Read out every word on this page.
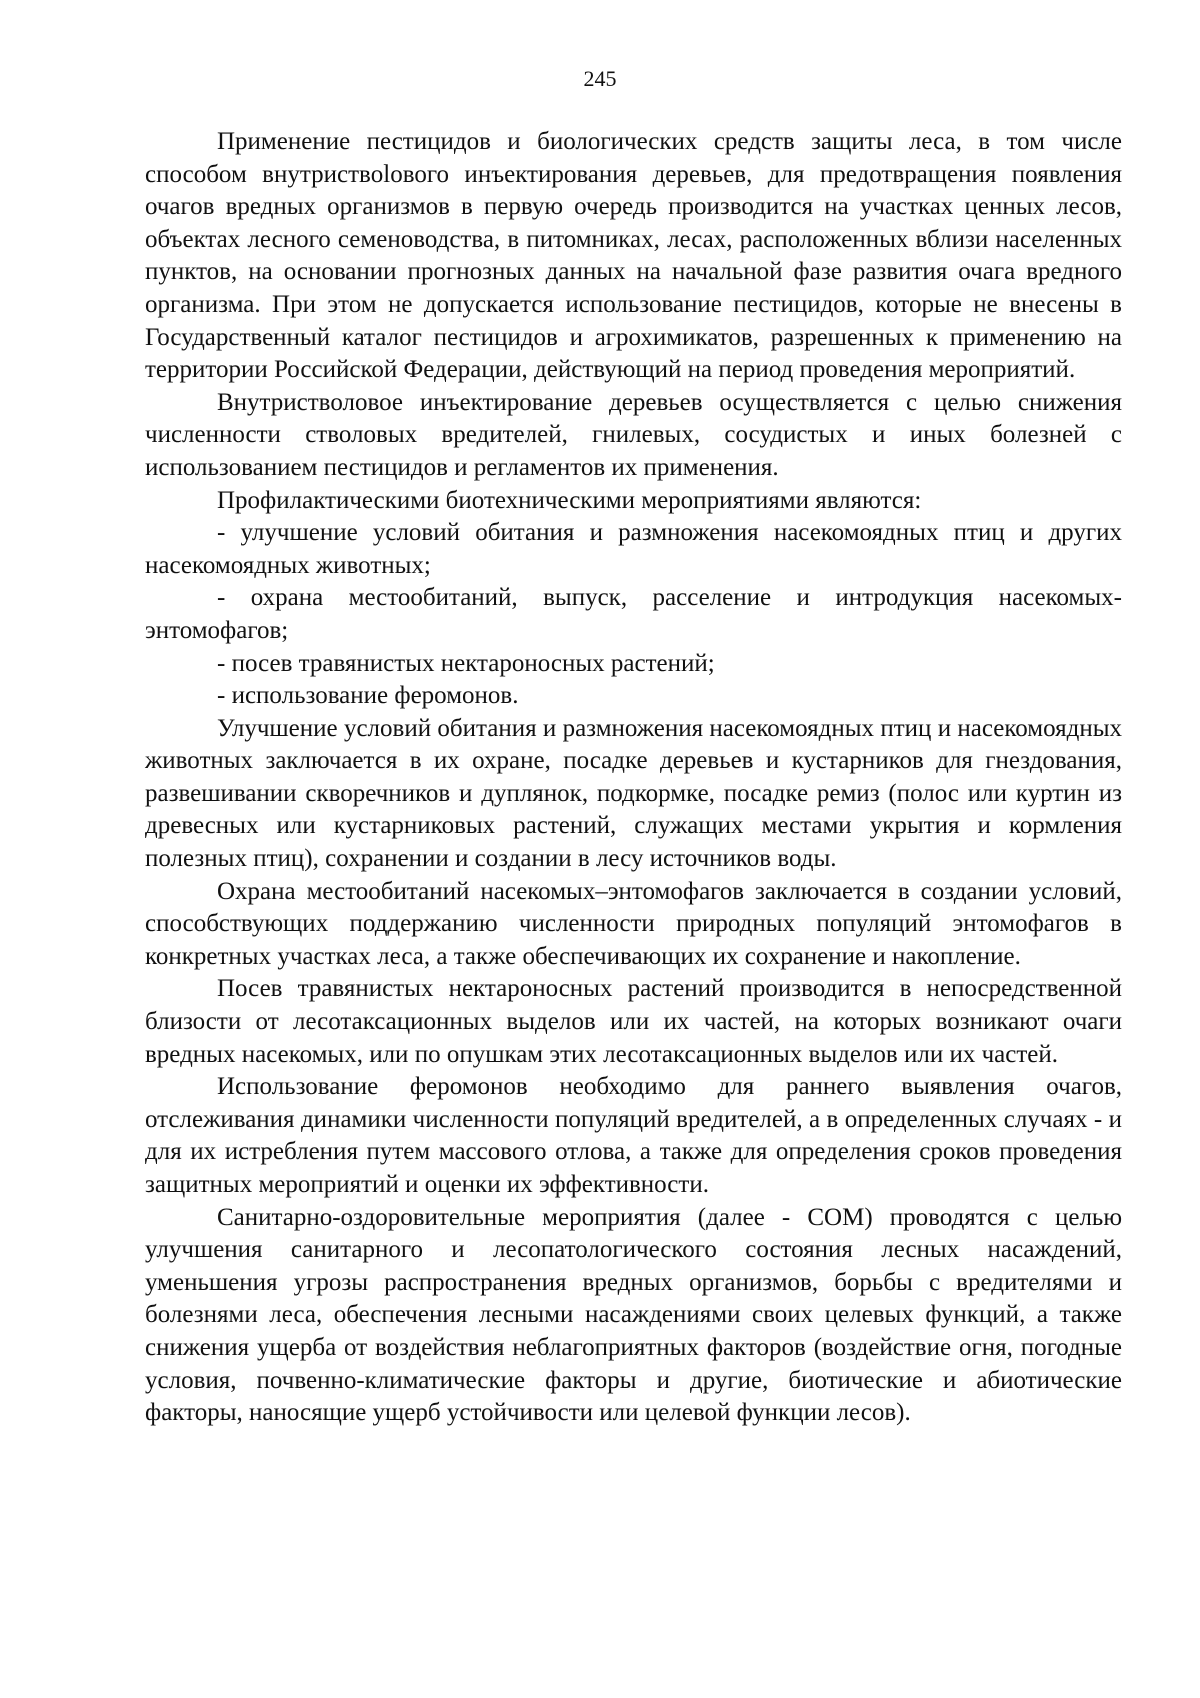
245

Применение пестицидов и биологических средств защиты леса, в том числе способом внутриствolового инъектирования деревьев, для предотвращения появления очагов вредных организмов в первую очередь производится на участках ценных лесов, объектах лесного семеноводства, в питомниках, лесах, расположенных вблизи населенных пунктов, на основании прогнозных данных на начальной фазе развития очага вредного организма. При этом не допускается использование пестицидов, которые не внесены в Государственный каталог пестицидов и агрохимикатов, разрешенных к применению на территории Российской Федерации, действующий на период проведения мероприятий.

Внутристволовое инъектирование деревьев осуществляется с целью снижения численности стволовых вредителей, гнилевых, сосудистых и иных болезней с использованием пестицидов и регламентов их применения.

Профилактическими биотехническими мероприятиями являются:

- улучшение условий обитания и размножения насекомоядных птиц и других насекомоядных животных;

- охрана местообитаний, выпуск, расселение и интродукция насекомых-энтомофагов;

- посев травянистых нектароносных растений;

- использование феромонов.

Улучшение условий обитания и размножения насекомоядных птиц и насекомоядных животных заключается в их охране, посадке деревьев и кустарников для гнездования, развешивании скворечников и дуплянок, подкормке, посадке ремиз (полос или куртин из древесных или кустарниковых растений, служащих местами укрытия и кормления полезных птиц), сохранении и создании в лесу источников воды.

Охрана местообитаний насекомых–энтомофагов заключается в создании условий, способствующих поддержанию численности природных популяций энтомофагов в конкретных участках леса, а также обеспечивающих их сохранение и накопление.

Посев травянистых нектароносных растений производится в непосредственной близости от лесотаксационных выделов или их частей, на которых возникают очаги вредных насекомых, или по опушкам этих лесотаксационных выделов или их частей.

Использование феромонов необходимо для раннего выявления очагов, отслеживания динамики численности популяций вредителей, а в определенных случаях - и для их истребления путем массового отлова, а также для определения сроков проведения защитных мероприятий и оценки их эффективности.

Санитарно-оздоровительные мероприятия (далее - СОМ) проводятся с целью улучшения санитарного и лесопатологического состояния лесных насаждений, уменьшения угрозы распространения вредных организмов, борьбы с вредителями и болезнями леса, обеспечения лесными насаждениями своих целевых функций, а также снижения ущерба от воздействия неблагоприятных факторов (воздействие огня, погодные условия, почвенно-климатические факторы и другие, биотические и абиотические факторы, наносящие ущерб устойчивости или целевой функции лесов).
